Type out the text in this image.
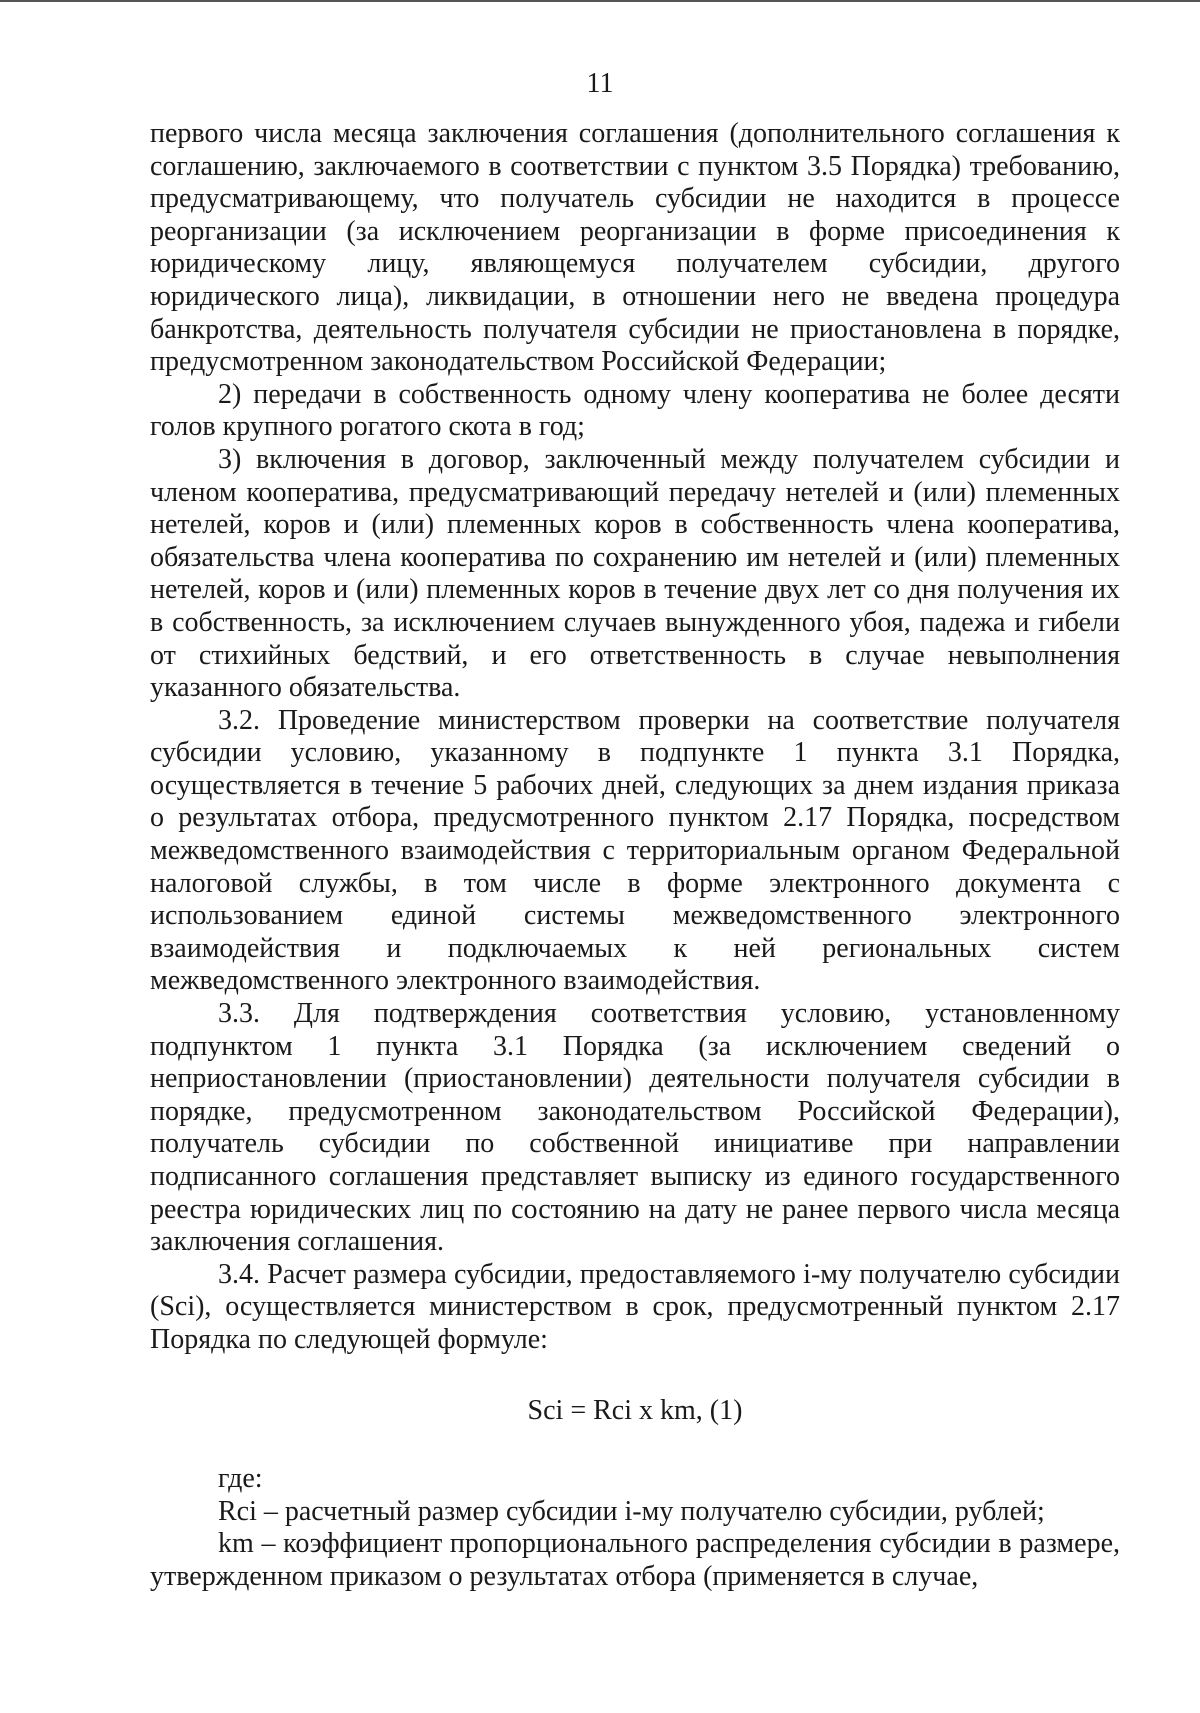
11

первого числа месяца заключения соглашения (дополнительного соглашения к соглашению, заключаемого в соответствии с пунктом 3.5 Порядка) требованию, предусматривающему, что получатель субсидии не находится в процессе реорганизации (за исключением реорганизации в форме присоединения к юридическому лицу, являющемуся получателем субсидии, другого юридического лица), ликвидации, в отношении него не введена процедура банкротства, деятельность получателя субсидии не приостановлена в порядке, предусмотренном законодательством Российской Федерации;

2) передачи в собственность одному члену кооператива не более десяти голов крупного рогатого скота в год;

3) включения в договор, заключенный между получателем субсидии и членом кооператива, предусматривающий передачу нетелей и (или) племенных нетелей, коров и (или) племенных коров в собственность члена кооператива, обязательства члена кооператива по сохранению им нетелей и (или) племенных нетелей, коров и (или) племенных коров в течение двух лет со дня получения их в собственность, за исключением случаев вынужденного убоя, падежа и гибели от стихийных бедствий, и его ответственность в случае невыполнения указанного обязательства.

3.2. Проведение министерством проверки на соответствие получателя субсидии условию, указанному в подпункте 1 пункта 3.1 Порядка, осуществляется в течение 5 рабочих дней, следующих за днем издания приказа о результатах отбора, предусмотренного пунктом 2.17 Порядка, посредством межведомственного взаимодействия с территориальным органом Федеральной налоговой службы, в том числе в форме электронного документа с использованием единой системы межведомственного электронного взаимодействия и подключаемых к ней региональных систем межведомственного электронного взаимодействия.

3.3. Для подтверждения соответствия условию, установленному подпунктом 1 пункта 3.1 Порядка (за исключением сведений о неприостановлении (приостановлении) деятельности получателя субсидии в порядке, предусмотренном законодательством Российской Федерации), получатель субсидии по собственной инициативе при направлении подписанного соглашения представляет выписку из единого государственного реестра юридических лиц по состоянию на дату не ранее первого числа месяца заключения соглашения.

3.4. Расчет размера субсидии, предоставляемого i-му получателю субсидии (Sci), осуществляется министерством в срок, предусмотренный пунктом 2.17 Порядка по следующей формуле:

Sci = Rci x km, (1)

где:

Rci – расчетный размер субсидии i-му получателю субсидии, рублей;

km – коэффициент пропорционального распределения субсидии в размере, утвержденном приказом о результатах отбора (применяется в случае,
